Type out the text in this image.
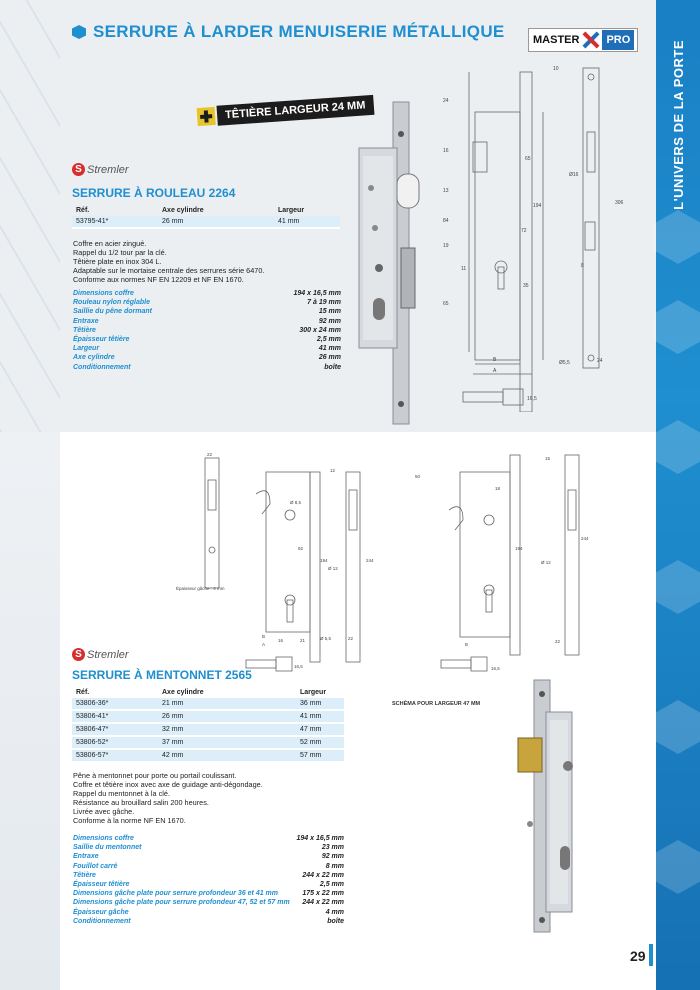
L'UNIVERS DE LA PORTE
SERRURE À LARDER MENUISERIE MÉTALLIQUE	MASTER	PRO
TÊTIÈRE LARGEUR 24 MM
S Stremler
SERRURE À ROULEAU 2264
Réf.	Axe cylindre	Largeur
53795-41*	26 mm	41 mm
Coffre en acier zingué.
Rappel du 1/2 tour par la clé.
Têtière plate en inox 304 L.
Adaptable sur le mortaise centrale des serrures série 6470.
Conforme aux normes NF EN 12209 et NF EN 1670.
Dimensions coffre	194 x 16,5 mm
Rouleau nylon réglable	7 à 19 mm
Saillie du pêne dormant	15 mm
Entraxe	92 mm
Têtière	300 x 24 mm
Épaisseur têtière	2,5 mm
Largeur	41 mm
Axe cylindre	26 mm
Conditionnement	boîte
24
10
16
65
194
72
306
Ø16
11
19
35
8
Ø5,5	24
B
A
16,5
13
65
84
22
12
Ø 8,5
194	244
92
Ø 12
16	21
B
A
16,5
22
Ø 5,5
Épaisseur gâche : 4 mm
15
18
50
194
244
B
16,5
22
Ø 12
S Stremler
SERRURE À MENTONNET 2565
Réf.	Axe cylindre	Largeur
53806-36*	21 mm	36 mm
53806-41*	26 mm	41 mm
53806-47*	32 mm	47 mm
53806-52*	37 mm	52 mm
53806-57*	42 mm	57 mm
Pêne à mentonnet pour porte ou portail coulissant.
Coffre et têtière inox avec axe de guidage anti-dégondage.
Rappel du mentonnet à la clé.
Résistance au brouillard salin 200 heures.
Livrée avec gâche.
Conforme à la norme NF EN 1670.
Dimensions coffre	194 x 16,5 mm
Saillie du mentonnet	23 mm
Entraxe	92 mm
Fouillot carré	8 mm
Têtière	244 x 22 mm
Épaisseur têtière	2,5 mm
Dimensions gâche plate pour serrure profondeur 36 et 41 mm	175 x 22 mm
Dimensions gâche plate pour serrure profondeur 47, 52 et 57 mm 244 x 22 mm
Épaisseur gâche	4 mm
Conditionnement	boîte
SCHÉMA POUR LARGEUR 47 MM
29
